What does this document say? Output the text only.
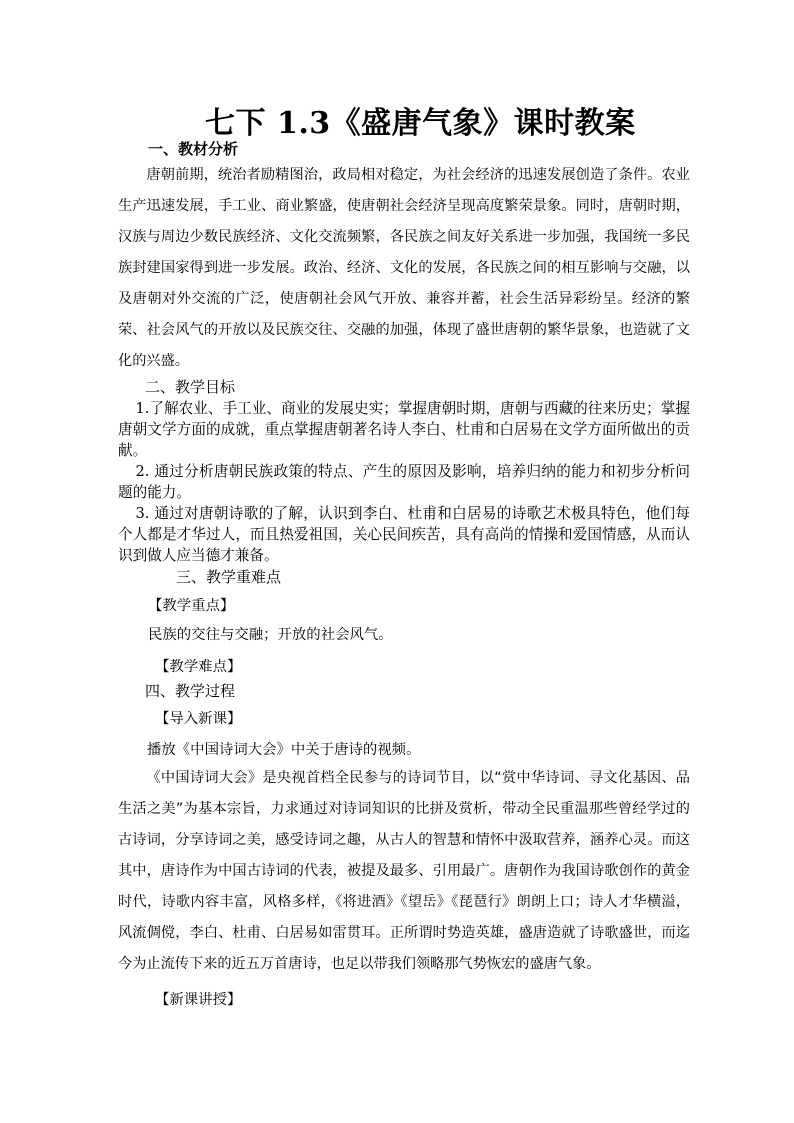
七下 1.3《盛唐气象》课时教案
一、教材分析

唐朝前期，统治者励精图治，政局相对稳定，为社会经济的迅速发展创造了条件。农业生产迅速发展，手工业、商业繁盛，使唐朝社会经济呈现高度繁荣景象。同时，唐朝时期，汉族与周边少数民族经济、文化交流频繁，各民族之间友好关系进一步加强，我国统一多民族封建国家得到进一步发展。政治、经济、文化的发展，各民族之间的相互影响与交融，以及唐朝对外交流的广泛，使唐朝社会风气开放、兼容并蓄，社会生活异彩纷呈。经济的繁荣、社会风气的开放以及民族交往、交融的加强，体现了盛世唐朝的繁华景象，也造就了文化的兴盛。

二、教学目标

1.了解农业、手工业、商业的发展史实；掌握唐朝时期，唐朝与西藏的往来历史；掌握唐朝文学方面的成就，重点掌握唐朝著名诗人李白、杜甫和白居易在文学方面所做出的贡献。

2. 通过分析唐朝民族政策的特点、产生的原因及影响，培养归纳的能力和初步分析问题的能力。

3. 通过对唐朝诗歌的了解，认识到李白、杜甫和白居易的诗歌艺术极具特色，他们每个人都是才华过人，而且热爱祖国，关心民间疾苦，具有高尚的情操和爱国情感，从而认识到做人应当德才兼备。

三、教学重难点
【教学重点】
民族的交往与交融；开放的社会风气。
【教学难点】
四、教学过程
【导入新课】
播放《中国诗词大会》中关于唐诗的视频。

《中国诗词大会》是央视首档全民参与的诗词节目，以“赏中华诗词、寻文化基因、品生活之美”为基本宗旨，力求通过对诗词知识的比拼及赏析，带动全民重温那些曾经学过的古诗词，分享诗词之美，感受诗词之趣，从古人的智慧和情怀中汲取营养，涵养心灵。而这其中，唐诗作为中国古诗词的代表，被提及最多、引用最广。唐朝作为我国诗歌创作的黄金时代，诗歌内容丰富，风格多样，《将进酒》《望岳》《琵琶行》朗朗上口；诗人才华横溢，风流倜傥，李白、杜甫、白居易如雷贯耳。正所谓时势造英雄，盛唐造就了诗歌盛世，而迄今为止流传下来的近五万首唐诗，也足以带我们领略那气势恢宏的盛唐气象。

【新课讲授】
